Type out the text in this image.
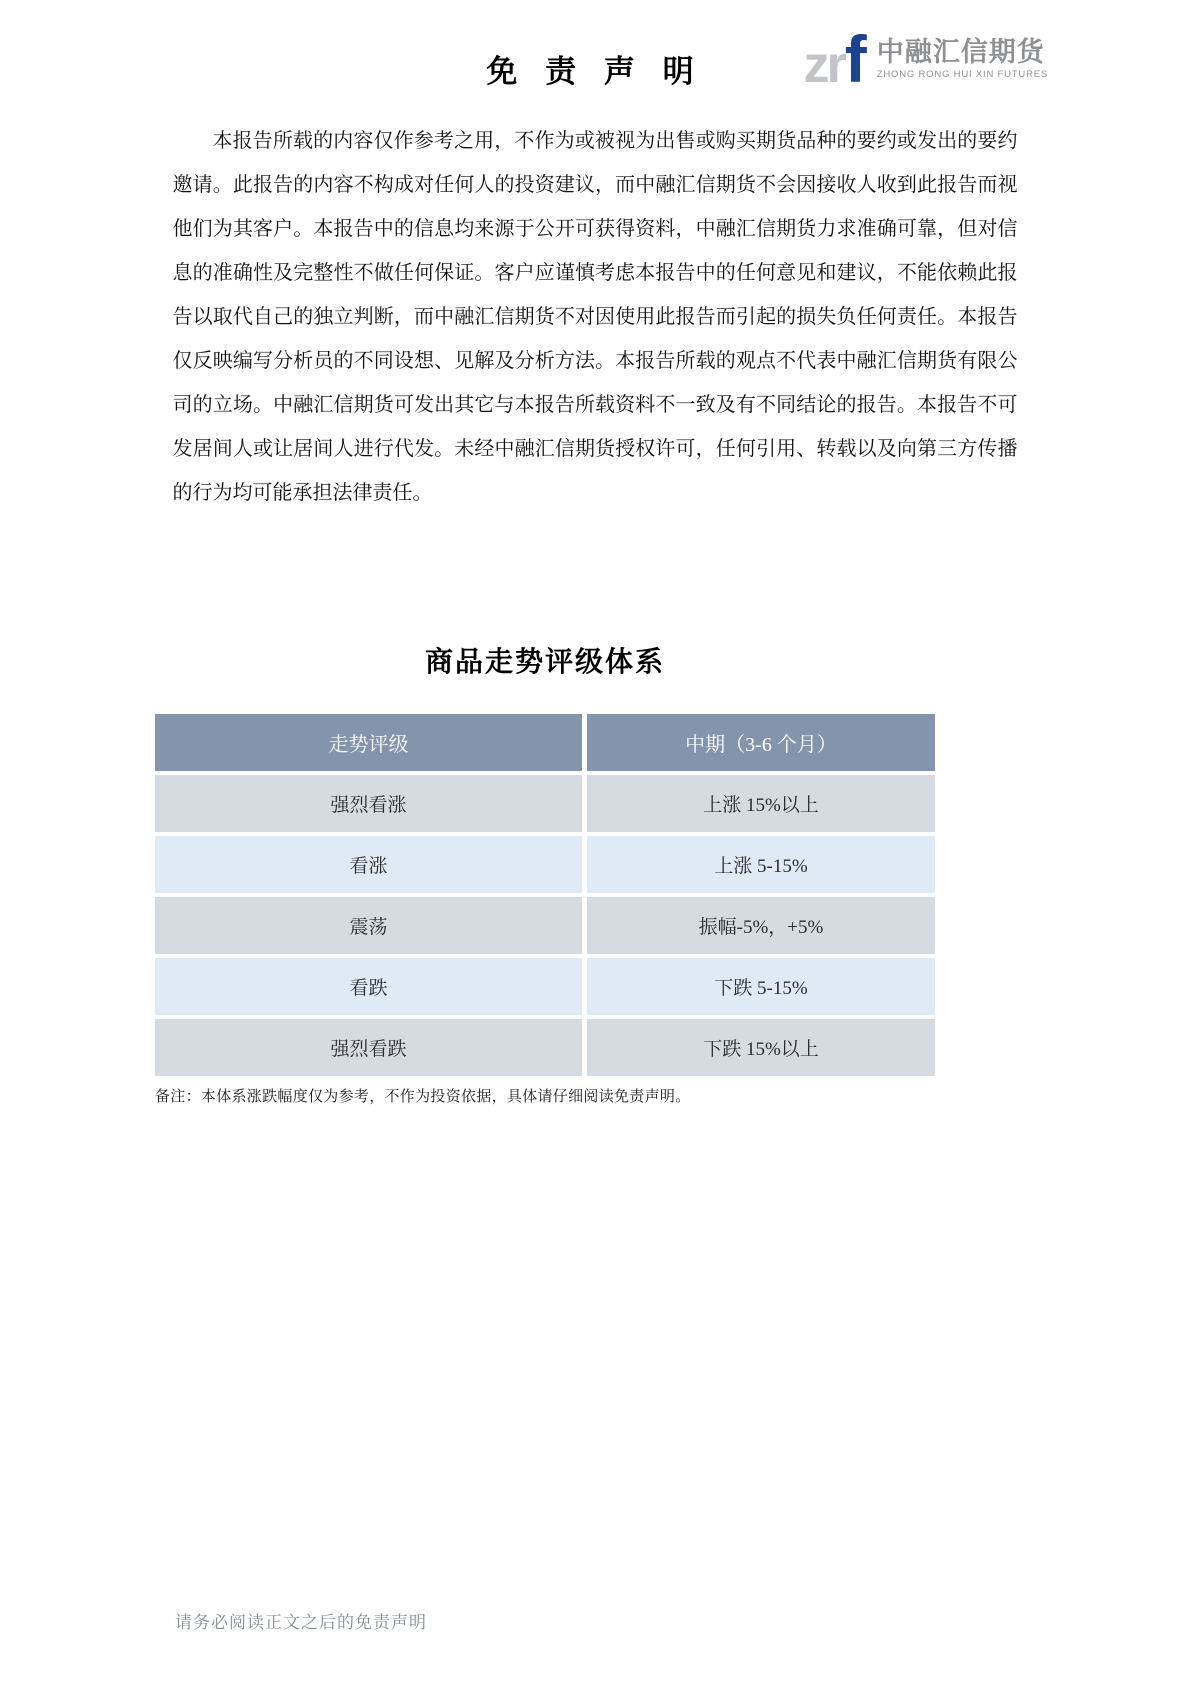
zr f 中融汇信期货
ZHONG RONG HUI XIN FUTURES
免 责 声 明

本报告所载的内容仅作参考之用，不作为或被视为出售或购买期货品种的要约或发出的要约邀请。此报告的内容不构成对任何人的投资建议，而中融汇信期货不会因接收人收到此报告而视他们为其客户。本报告中的信息均来源于公开可获得资料，中融汇信期货力求准确可靠，但对信息的准确性及完整性不做任何保证。客户应谨慎考虑本报告中的任何意见和建议，不能依赖此报告以取代自己的独立判断，而中融汇信期货不对因使用此报告而引起的损失负任何责任。本报告仅反映编写分析员的不同设想、见解及分析方法。本报告所载的观点不代表中融汇信期货有限公司的立场。中融汇信期货可发出其它与本报告所载资料不一致及有不同结论的报告。本报告不可发居间人或让居间人进行代发。未经中融汇信期货授权许可，任何引用、转载以及向第三方传播的行为均可能承担法律责任。

商品走势评级体系
走势评级	中期（3-6 个月）
强烈看涨	上涨 15%以上
看涨	上涨 5-15%
震荡	振幅-5%，+5%
看跌	下跌 5-15%
强烈看跌	下跌 15%以上
备注：本体系涨跌幅度仅为参考，不作为投资依据，具体请仔细阅读免责声明。
请务必阅读正文之后的免责声明
